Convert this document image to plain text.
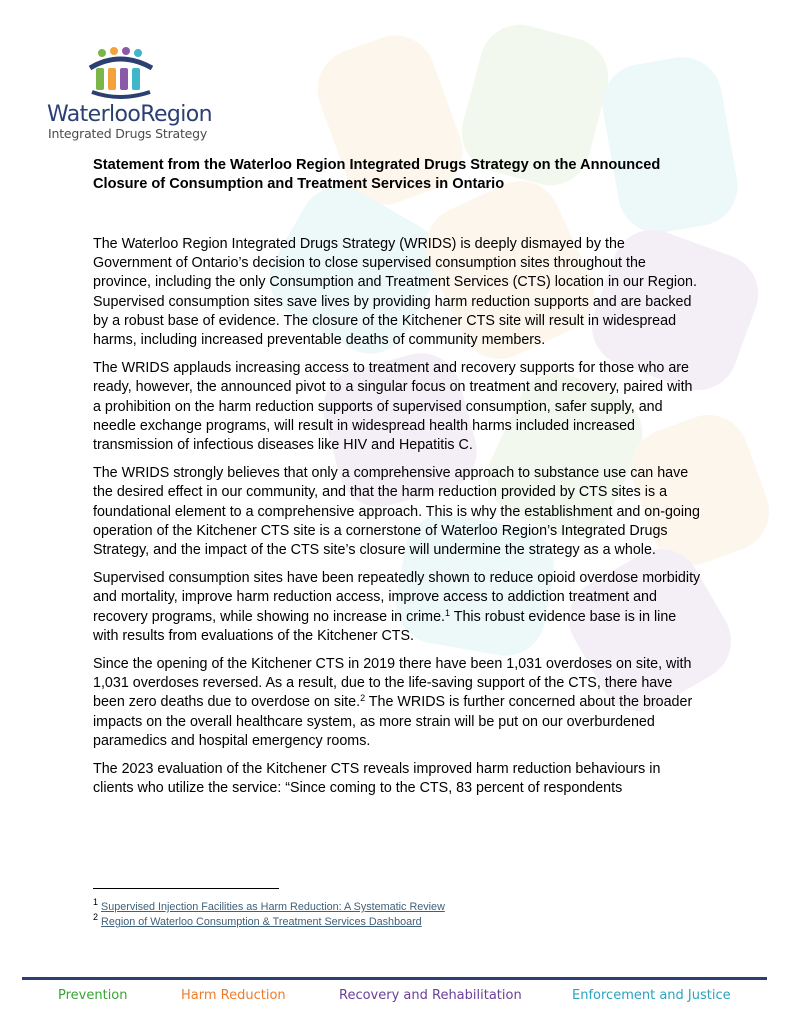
WaterlooRegion
Integrated Drugs Strategy
Statement from the Waterloo Region Integrated Drugs Strategy on the Announced Closure of Consumption and Treatment Services in Ontario

The Waterloo Region Integrated Drugs Strategy (WRIDS) is deeply dismayed by the Government of Ontario’s decision to close supervised consumption sites throughout the province, including the only Consumption and Treatment Services (CTS) location in our Region. Supervised consumption sites save lives by providing harm reduction supports and are backed by a robust base of evidence. The closure of the Kitchener CTS site will result in widespread harms, including increased preventable deaths of community members.

The WRIDS applauds increasing access to treatment and recovery supports for those who are ready, however, the announced pivot to a singular focus on treatment and recovery, paired with a prohibition on the harm reduction supports of supervised consumption, safer supply, and needle exchange programs, will result in widespread health harms included increased transmission of infectious diseases like HIV and Hepatitis C.

The WRIDS strongly believes that only a comprehensive approach to substance use can have the desired effect in our community, and that the harm reduction provided by CTS sites is a foundational element to a comprehensive approach. This is why the establishment and on-going operation of the Kitchener CTS site is a cornerstone of Waterloo Region’s Integrated Drugs Strategy, and the impact of the CTS site’s closure will undermine the strategy as a whole.

Supervised consumption sites have been repeatedly shown to reduce opioid overdose morbidity and mortality, improve harm reduction access, improve access to addiction treatment and recovery programs, while showing no increase in crime.$^1$ This robust evidence base is in line with results from evaluations of the Kitchener CTS.

Since the opening of the Kitchener CTS in 2019 there have been 1,031 overdoses on site, with 1,031 overdoses reversed. As a result, due to the life-saving support of the CTS, there have been zero deaths due to overdose on site.$^2$ The WRIDS is further concerned about the broader impacts on the overall healthcare system, as more strain will be put on our overburdened paramedics and hospital emergency rooms.

The 2023 evaluation of the Kitchener CTS reveals improved harm reduction behaviours in clients who utilize the service: “Since coming to the CTS, 83 percent of respondents

$^1$ Supervised Injection Facilities as Harm Reduction: A Systematic Review
$^2$ Region of Waterloo Consumption & Treatment Services Dashboard
Prevention	Harm Reduction	Recovery and Rehabilitation	Enforcement and Justice
